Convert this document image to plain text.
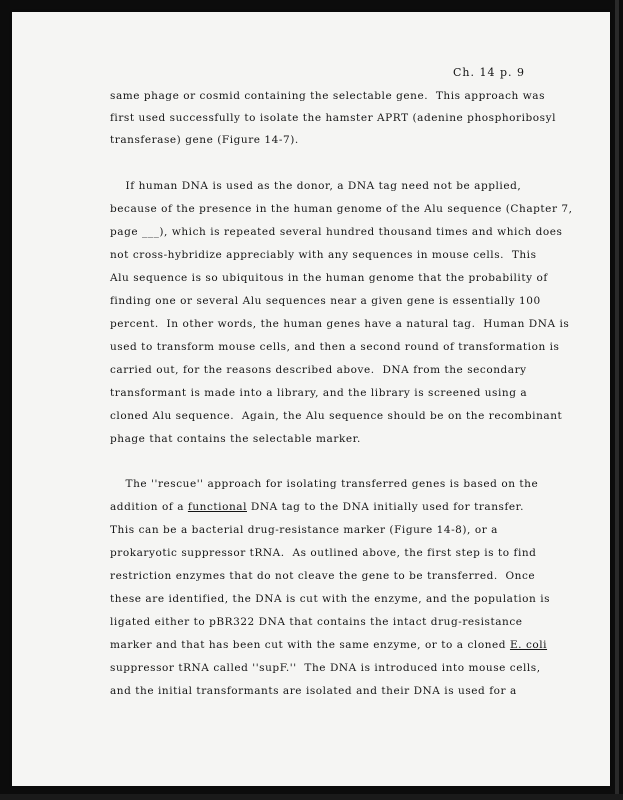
Ch. 14 p. 9
same phage or cosmid containing the selectable gene.  This approach was
first used successfully to isolate the hamster APRT (adenine phosphoribosyl
transferase) gene (Figure 14-7).
If human DNA is used as the donor, a DNA tag need not be applied,
because of the presence in the human genome of the Alu sequence (Chapter 7,
page ___), which is repeated several hundred thousand times and which does
not cross-hybridize appreciably with any sequences in mouse cells.  This
Alu sequence is so ubiquitous in the human genome that the probability of
finding one or several Alu sequences near a given gene is essentially 100
percent.  In other words, the human genes have a natural tag.  Human DNA is
used to transform mouse cells, and then a second round of transformation is
carried out, for the reasons described above.  DNA from the secondary
transformant is made into a library, and the library is screened using a
cloned Alu sequence.  Again, the Alu sequence should be on the recombinant
phage that contains the selectable marker.
The ''rescue'' approach for isolating transferred genes is based on the
addition of a functional DNA tag to the DNA initially used for transfer.
This can be a bacterial drug-resistance marker (Figure 14-8), or a
prokaryotic suppressor tRNA.  As outlined above, the first step is to find
restriction enzymes that do not cleave the gene to be transferred.  Once
these are identified, the DNA is cut with the enzyme, and the population is
ligated either to pBR322 DNA that contains the intact drug-resistance
marker and that has been cut with the same enzyme, or to a cloned E. coli
suppressor tRNA called ''supF.''  The DNA is introduced into mouse cells,
and the initial transformants are isolated and their DNA is used for a
